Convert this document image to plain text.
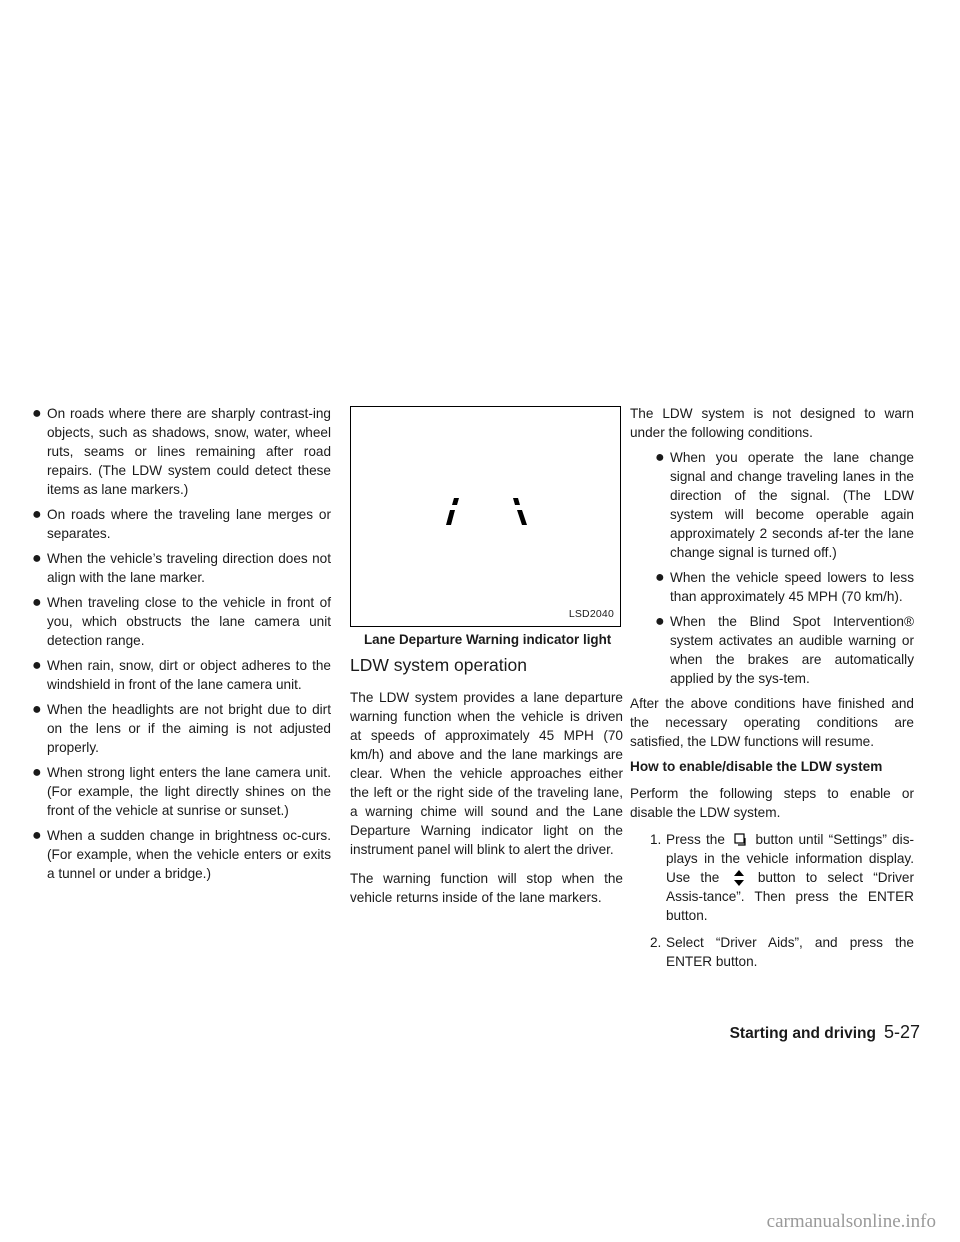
● On roads where there are sharply contrast-ing objects, such as shadows, snow, water, wheel ruts, seams or lines remaining after road repairs. (The LDW system could detect these items as lane markers.)
● On roads where the traveling lane merges or separates.
● When the vehicle’s traveling direction does not align with the lane marker.
● When traveling close to the vehicle in front of you, which obstructs the lane camera unit detection range.
● When rain, snow, dirt or object adheres to the windshield in front of the lane camera unit.
● When the headlights are not bright due to dirt on the lens or if the aiming is not adjusted properly.
● When strong light enters the lane camera unit. (For example, the light directly shines on the front of the vehicle at sunrise or sunset.)
● When a sudden change in brightness oc-curs. (For example, when the vehicle enters or exits a tunnel or under a bridge.)
LSD2040
Lane Departure Warning indicator light
LDW system operation

The LDW system provides a lane departure warning function when the vehicle is driven at speeds of approximately 45 MPH (70 km/h) and above and the lane markings are clear. When the vehicle approaches either the left or the right side of the traveling lane, a warning chime will sound and the Lane Departure Warning indicator light on the instrument panel will blink to alert the driver.

The warning function will stop when the vehicle returns inside of the lane markers.

The LDW system is not designed to warn under the following conditions.

● When you operate the lane change signal and change traveling lanes in the direction of the signal. (The LDW system will become operable again approximately 2 seconds af-ter the lane change signal is turned off.)
● When the vehicle speed lowers to less than approximately 45 MPH (70 km/h).
● When the Blind Spot Intervention® system activates an audible warning or when the brakes are automatically applied by the sys-tem.

After the above conditions have finished and the necessary operating conditions are satisfied, the LDW functions will resume.

How to enable/disable the LDW system

Perform the following steps to enable or disable the LDW system.

1. Press the button until “Settings” dis-plays in the vehicle information display. Use the	button to select “Driver Assis-tance”. Then press the ENTER button.
2. Select “Driver Aids”, and press the ENTER button.
Starting and driving 5-27
carmanualsonline.info
